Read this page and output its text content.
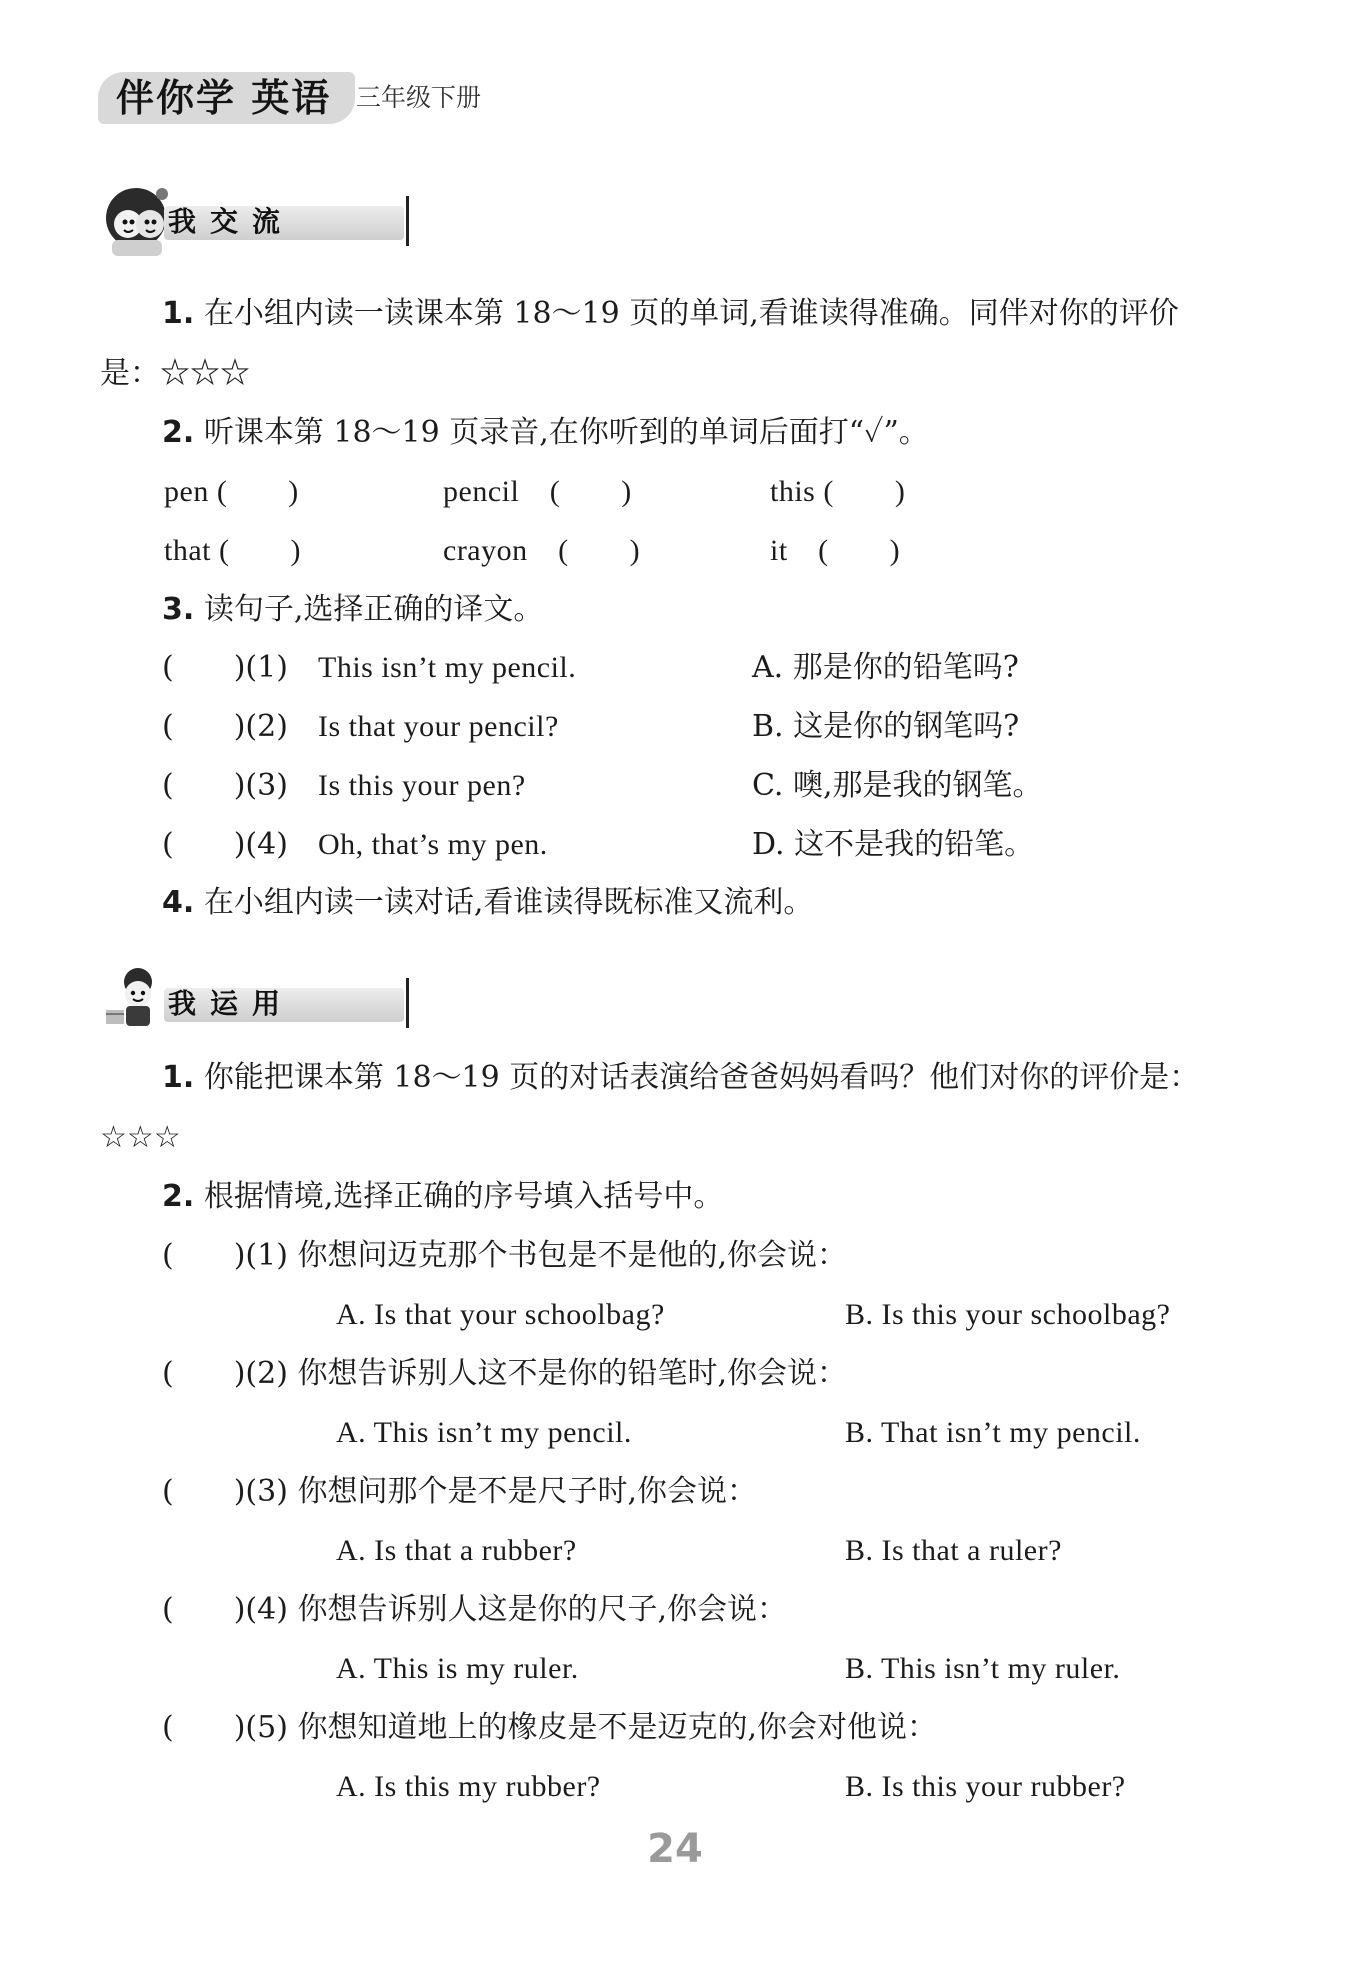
伴你学 英语 三年级下册
我交流
1. 在小组内读一读课本第 18～19 页的单词,看谁读得准确。同伴对你的评价
是：☆☆☆
2. 听课本第 18～19 页录音,在你听到的单词后面打“✓”。
pen (　　)	pencil　(　　)	this (　　)
that (　　)	crayon　(　　)	it　(　　)
3. 读句子,选择正确的译文。
(　　)(1) This isn’t my pencil.	A. 那是你的铅笔吗?
(　　)(2) Is that your pencil?	B. 这是你的钢笔吗?
(　　)(3) Is this your pen?	C. 噢,那是我的钢笔。
(　　)(4) Oh, that’s my pen.	D. 这不是我的铅笔。
4. 在小组内读一读对话,看谁读得既标准又流利。
我运用
1. 你能把课本第 18～19 页的对话表演给爸爸妈妈看吗？他们对你的评价是：
☆☆☆
2. 根据情境,选择正确的序号填入括号中。
(　　)(1) 你想问迈克那个书包是不是他的,你会说：
A. Is that your schoolbag?	B. Is this your schoolbag?
(　　)(2) 你想告诉别人这不是你的铅笔时,你会说：
A. This isn’t my pencil.	B. That isn’t my pencil.
(　　)(3) 你想问那个是不是尺子时,你会说：
A. Is that a rubber?	B. Is that a ruler?
(　　)(4) 你想告诉别人这是你的尺子,你会说：
A. This is my ruler.	B. This isn’t my ruler.
(　　)(5) 你想知道地上的橡皮是不是迈克的,你会对他说：
A. Is this my rubber?	B. Is this your rubber?
24
